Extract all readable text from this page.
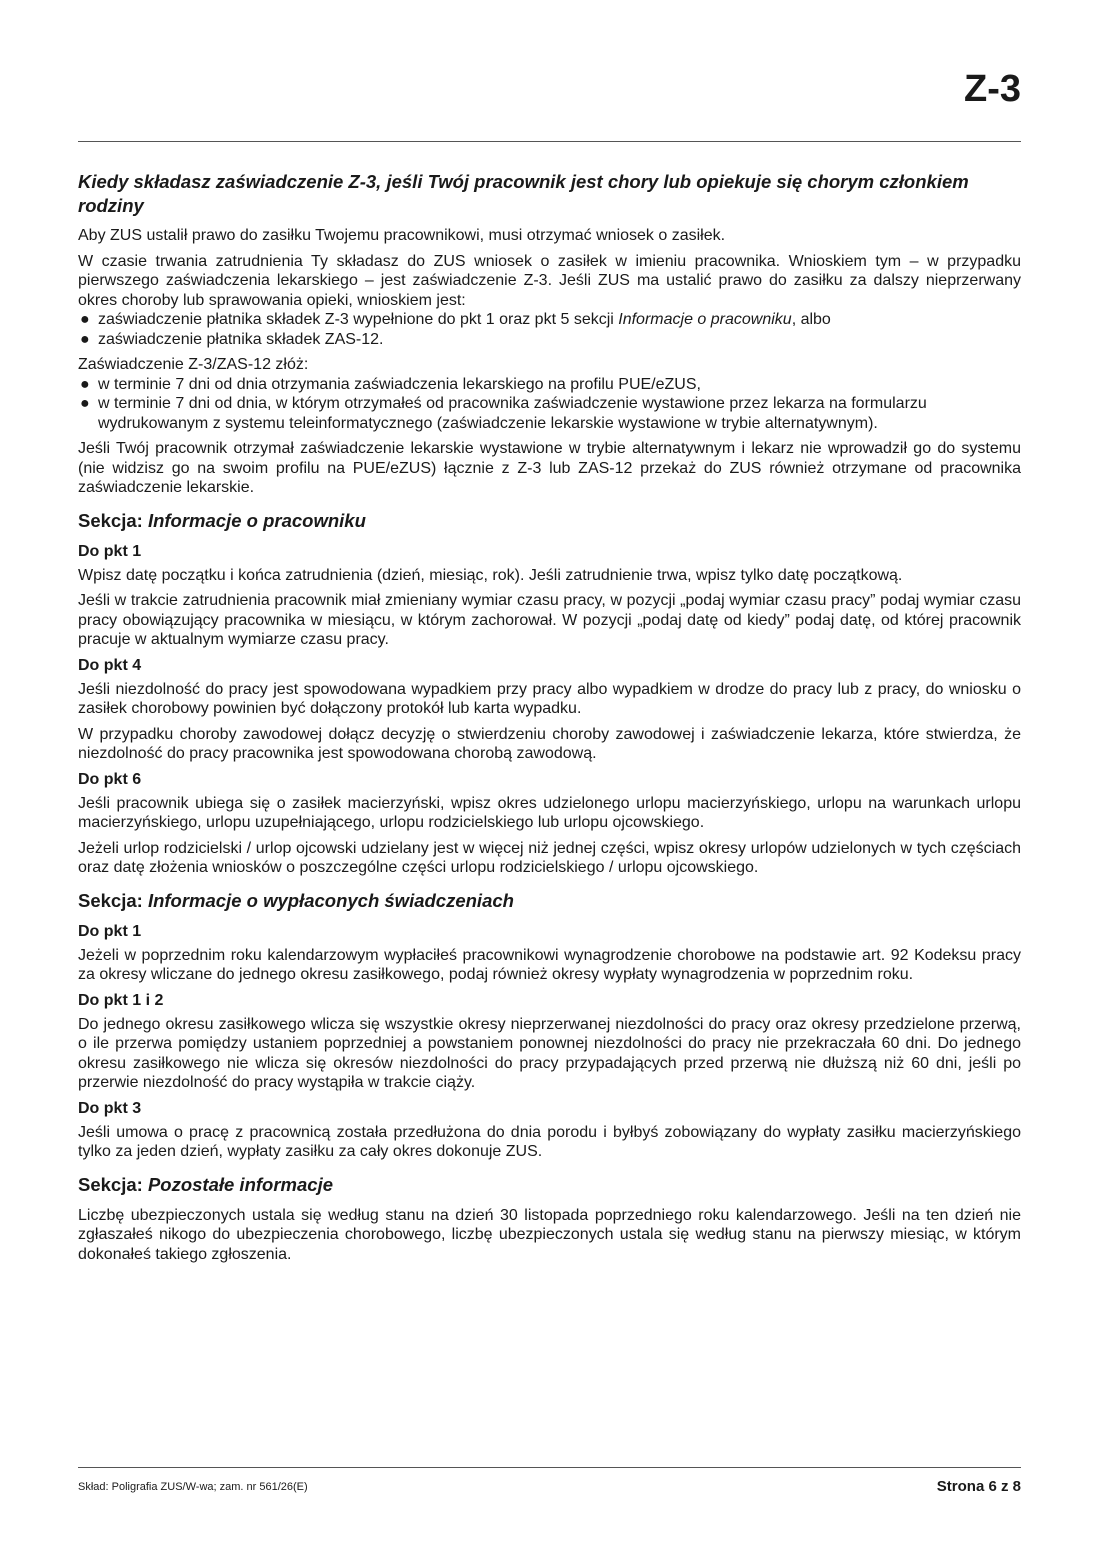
Z-3
Kiedy składasz zaświadczenie Z-3, jeśli Twój pracownik jest chory lub opiekuje się chorym członkiem rodziny

Aby ZUS ustalił prawo do zasiłku Twojemu pracownikowi, musi otrzymać wniosek o zasiłek.

W czasie trwania zatrudnienia Ty składasz do ZUS wniosek o zasiłek w imieniu pracownika. Wnioskiem tym – w przypadku pierwszego zaświadczenia lekarskiego – jest zaświadczenie Z-3. Jeśli ZUS ma ustalić prawo do zasiłku za dalszy nieprzerwany okres choroby lub sprawowania opieki, wnioskiem jest:

● zaświadczenie płatnika składek Z-3 wypełnione do pkt 1 oraz pkt 5 sekcji Informacje o pracowniku, albo
● zaświadczenie płatnika składek ZAS-12.

Zaświadczenie Z-3/ZAS-12 złóż:

● w terminie 7 dni od dnia otrzymania zaświadczenia lekarskiego na profilu PUE/eZUS,
● w terminie 7 dni od dnia, w którym otrzymałeś od pracownika zaświadczenie wystawione przez lekarza na formularzu wydrukowanym z systemu teleinformatycznego (zaświadczenie lekarskie wystawione w trybie alternatywnym).

Jeśli Twój pracownik otrzymał zaświadczenie lekarskie wystawione w trybie alternatywnym i lekarz nie wprowadził go do systemu (nie widzisz go na swoim profilu na PUE/eZUS) łącznie z Z-3 lub ZAS-12 przekaż do ZUS również otrzymane od pracownika zaświadczenie lekarskie.

Sekcja: Informacje o pracowniku
Do pkt 1

Wpisz datę początku i końca zatrudnienia (dzień, miesiąc, rok). Jeśli zatrudnienie trwa, wpisz tylko datę początkową.

Jeśli w trakcie zatrudnienia pracownik miał zmieniany wymiar czasu pracy, w pozycji „podaj wymiar czasu pracy” podaj wymiar czasu pracy obowiązujący pracownika w miesiącu, w którym zachorował. W pozycji „podaj datę od kiedy” podaj datę, od której pracownik pracuje w aktualnym wymiarze czasu pracy.

Do pkt 4

Jeśli niezdolność do pracy jest spowodowana wypadkiem przy pracy albo wypadkiem w drodze do pracy lub z pracy, do wniosku o zasiłek chorobowy powinien być dołączony protokół lub karta wypadku.

W przypadku choroby zawodowej dołącz decyzję o stwierdzeniu choroby zawodowej i zaświadczenie lekarza, które stwierdza, że niezdolność do pracy pracownika jest spowodowana chorobą zawodową.

Do pkt 6

Jeśli pracownik ubiega się o zasiłek macierzyński, wpisz okres udzielonego urlopu macierzyńskiego, urlopu na warunkach urlopu macierzyńskiego, urlopu uzupełniającego, urlopu rodzicielskiego lub urlopu ojcowskiego.

Jeżeli urlop rodzicielski / urlop ojcowski udzielany jest w więcej niż jednej części, wpisz okresy urlopów udzielonych w tych częściach oraz datę złożenia wniosków o poszczególne części urlopu rodzicielskiego / urlopu ojcowskiego.

Sekcja: Informacje o wypłaconych świadczeniach
Do pkt 1

Jeżeli w poprzednim roku kalendarzowym wypłaciłeś pracownikowi wynagrodzenie chorobowe na podstawie art. 92 Kodeksu pracy za okresy wliczane do jednego okresu zasiłkowego, podaj również okresy wypłaty wynagrodzenia w poprzednim roku.

Do pkt 1 i 2

Do jednego okresu zasiłkowego wlicza się wszystkie okresy nieprzerwanej niezdolności do pracy oraz okresy przedzielone przerwą, o ile przerwa pomiędzy ustaniem poprzedniej a powstaniem ponownej niezdolności do pracy nie przekraczała 60 dni. Do jednego okresu zasiłkowego nie wlicza się okresów niezdolności do pracy przypadających przed przerwą nie dłuższą niż 60 dni, jeśli po przerwie niezdolność do pracy wystąpiła w trakcie ciąży.

Do pkt 3

Jeśli umowa o pracę z pracownicą została przedłużona do dnia porodu i byłbyś zobowiązany do wypłaty zasiłku macierzyńskiego tylko za jeden dzień, wypłaty zasiłku za cały okres dokonuje ZUS.

Sekcja: Pozostałe informacje

Liczbę ubezpieczonych ustala się według stanu na dzień 30 listopada poprzedniego roku kalendarzowego. Jeśli na ten dzień nie zgłaszałeś nikogo do ubezpieczenia chorobowego, liczbę ubezpieczonych ustala się według stanu na pierwszy miesiąc, w którym dokonałeś takiego zgłoszenia.

Skład: Poligrafia ZUS/W-wa; zam. nr 561/26(E)	Strona 6 z 8
